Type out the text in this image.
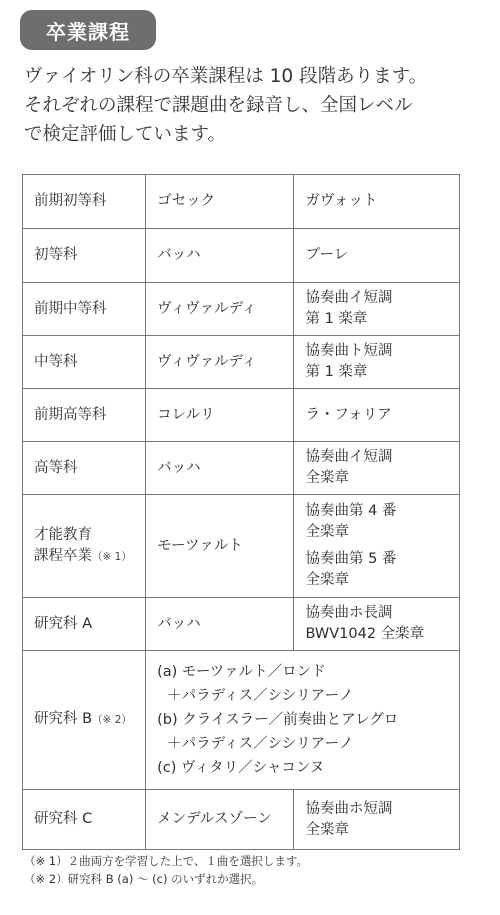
卒業課程

ヴァイオリン科の卒業課程は 10 段階あります。

それぞれの課程で課題曲を録音し、全国レベル

で検定評価しています。

前期初等科	ゴセック	ガヴォット
初等科	バッハ	ブーレ
前期中等科	ヴィヴァルディ	協奏曲イ短調
第 1 楽章

中等科	ヴィヴァルディ	協奏曲ト短調
第 1 楽章

前期高等科	コレルリ	ラ・フォリア
高等科	バッハ	協奏曲イ短調
全楽章

才能教育
課程卒業（※ 1）	モーツァルト	協奏曲第 4 番
全楽章
協奏曲第 5 番
全楽章

研究科 A	バッハ	協奏曲ホ長調
BWV1042 全楽章

研究科 B（※ 2）	(a) モーツァルト／ロンド
＋パラディス／シシリアーノ
(b) クライスラー／前奏曲とアレグロ
＋パラディス／シシリアーノ
(c) ヴィタリ／シャコンヌ	

研究科 C	メンデルスゾーン	協奏曲ホ短調
全楽章

（※ 1）２曲両方を学習した上で、１曲を選択します。

（※ 2）研究科 B (a) ～ (c) のいずれか選択。
